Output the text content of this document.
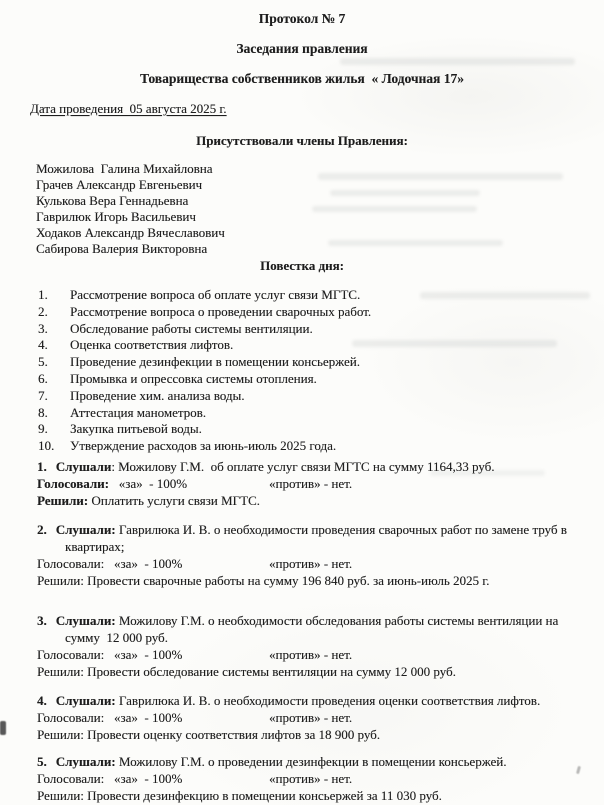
Протокол № 7
Заседания правления
Товарищества собственников жилья  « Лодочная 17»
Дата проведения  05 августа 2025 г.
Присутствовали члены Правления:
Можилова  Галина Михайловна
Грачев Александр Евгеньевич
Кулькова Вера Геннадьевна
Гаврилюк Игорь Васильевич
Ходаков Александр Вячеславович
Сабирова Валерия Викторовна
Повестка дня:
1. Рассмотрение вопроса об оплате услуг связи МГТС.
2. Рассмотрение вопроса о проведении сварочных работ.
3. Обследование работы системы вентиляции.
4. Оценка соответствия лифтов.
5. Проведение дезинфекции в помещении консьержей.
6. Промывка и опрессовка системы отопления.
7. Проведение хим. анализа воды.
8. Аттестация манометров.
9. Закупка питьевой воды.
10. Утверждение расходов за июнь-июль 2025 года.
1. Слушали: Можилову Г.М.  об оплате услуг связи МГТС на сумму 1164,33 руб.
Голосовали:   «за»  - 100%	«против» - нет.
Решили: Оплатить услуги связи МГТС.
2. Слушали: Гаврилюка И. В. о необходимости проведения сварочных работ по замене труб в квартирах;
Голосовали:   «за»  - 100%	«против» - нет.
Решили: Провести сварочные работы на сумму 196 840 руб. за июнь-июль 2025 г.
3. Слушали: Можилову Г.М. о необходимости обследования работы системы вентиляции на сумму  12 000 руб.
Голосовали:   «за»  - 100%	«против» - нет.
Решили: Провести обследование системы вентиляции на сумму 12 000 руб.
4. Слушали: Гаврилюка И. В. о необходимости проведения оценки соответствия лифтов.
Голосовали:   «за»  - 100%	«против» - нет.
Решили: Провести оценку соответствия лифтов за 18 900 руб.
5. Слушали: Можилову Г.М. о проведении дезинфекции в помещении консьержей.
Голосовали:   «за»  - 100%	«против» - нет.
Решили: Провести дезинфекцию в помещении консьержей за 11 030 руб.
